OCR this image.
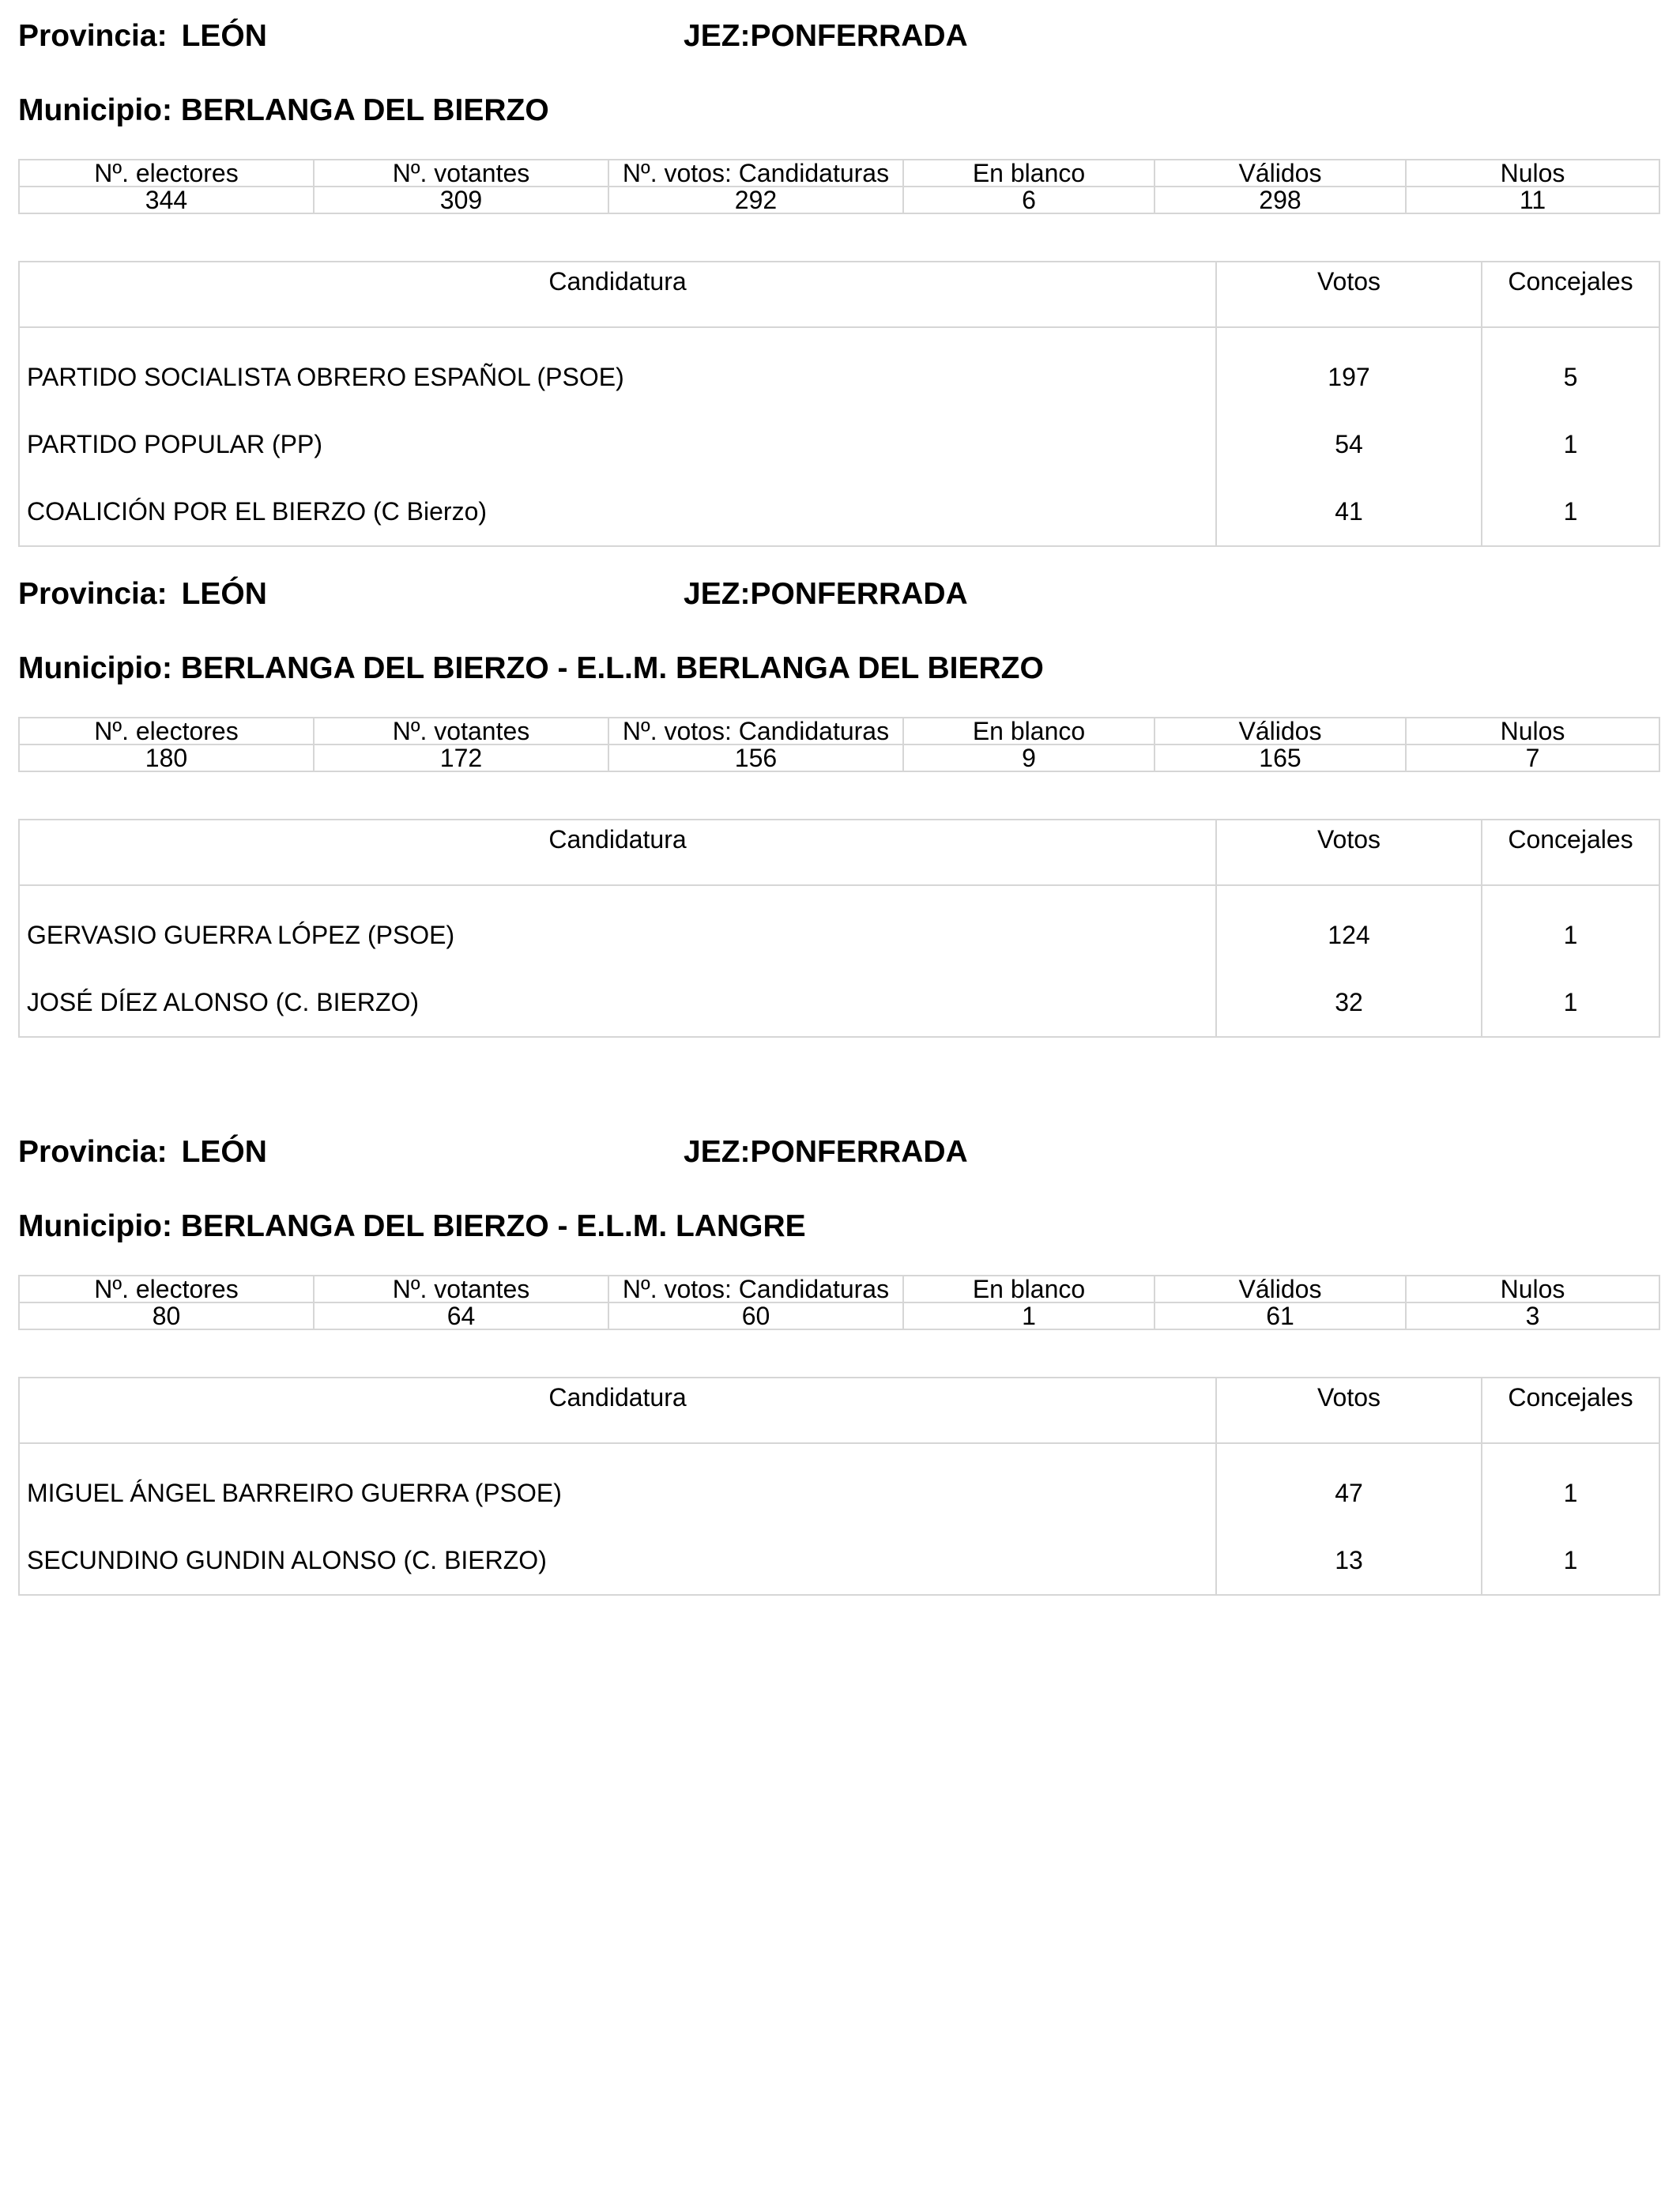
Provincia: LEÓN	JEZ:PONFERRADA
Municipio: BERLANGA DEL BIERZO
Nº. electores	Nº. votantes	Nº. votos: Candidaturas	En blanco	Válidos	Nulos
344	309	292	6	298	11
Candidatura	Votos	Concejales
PARTIDO SOCIALISTA OBRERO ESPAÑOL (PSOE)	197	5
PARTIDO POPULAR (PP)	54	1
COALICIÓN POR EL BIERZO (C Bierzo)	41	1
Provincia: LEÓN	JEZ:PONFERRADA
Municipio: BERLANGA DEL BIERZO - E.L.M. BERLANGA DEL BIERZO
Nº. electores	Nº. votantes	Nº. votos: Candidaturas	En blanco	Válidos	Nulos
180	172	156	9	165	7
Candidatura	Votos	Concejales
GERVASIO GUERRA LÓPEZ (PSOE)	124	1
JOSÉ DÍEZ ALONSO (C. BIERZO)	32	1
Provincia: LEÓN	JEZ:PONFERRADA
Municipio: BERLANGA DEL BIERZO - E.L.M. LANGRE
Nº. electores	Nº. votantes	Nº. votos: Candidaturas	En blanco	Válidos	Nulos
80	64	60	1	61	3
Candidatura	Votos	Concejales
MIGUEL ÁNGEL BARREIRO GUERRA (PSOE)	47	1
SECUNDINO GUNDIN ALONSO (C. BIERZO)	13	1
